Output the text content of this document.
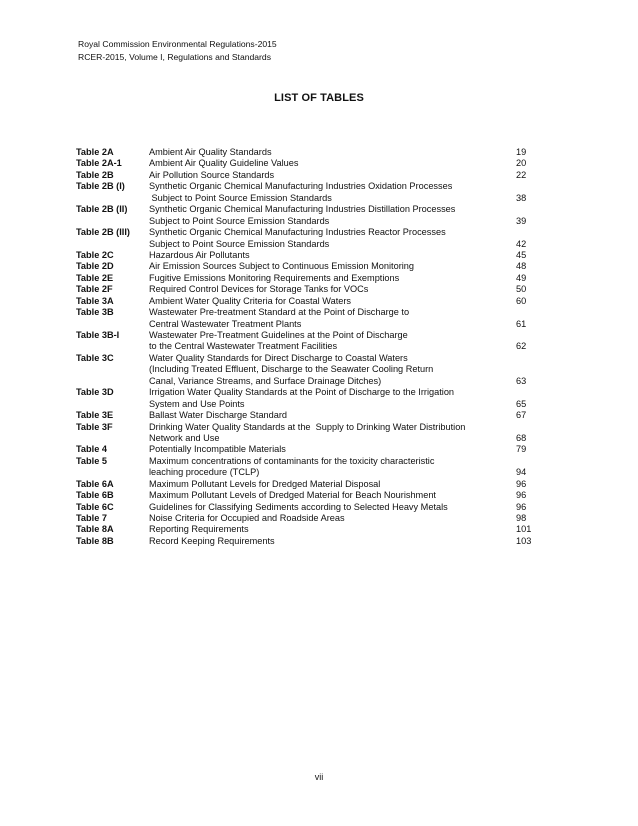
Royal Commission Environmental Regulations-2015
RCER-2015, Volume I, Regulations and Standards
LIST OF TABLES
Table 2A	Ambient Air Quality Standards	19
Table 2A-1	Ambient Air Quality Guideline Values	20
Table 2B	Air Pollution Source Standards	22
Table 2B (I)	Synthetic Organic Chemical Manufacturing Industries Oxidation Processes
Subject to Point Source Emission Standards	38
Table 2B (II) Synthetic Organic Chemical Manufacturing Industries Distillation Processes
Subject to Point Source Emission Standards	39
Table 2B (III) Synthetic Organic Chemical Manufacturing Industries Reactor Processes
Subject to Point Source Emission Standards	42
Table 2C	Hazardous Air Pollutants	45
Table 2D	Air Emission Sources Subject to Continuous Emission Monitoring	48
Table 2E	Fugitive Emissions Monitoring Requirements and Exemptions	49
Table 2F	Required Control Devices for Storage Tanks for VOCs	50
Table 3A	Ambient Water Quality Criteria for Coastal Waters	60
Table 3B	Wastewater Pre-treatment Standard at the Point of Discharge to
Central Wastewater Treatment Plants	61
Table 3B-I	Wastewater Pre-Treatment Guidelines at the Point of Discharge
to the Central Wastewater Treatment Facilities	62
Table 3C	Water Quality Standards for Direct Discharge to Coastal Waters
(Including Treated Effluent, Discharge to the Seawater Cooling Return
Canal, Variance Streams, and Surface Drainage Ditches)	63
Table 3D	Irrigation Water Quality Standards at the Point of Discharge to the Irrigation
System and Use Points	65
Table 3E	Ballast Water Discharge Standard	67
Table 3F	Drinking Water Quality Standards at the  Supply to Drinking Water Distribution
Network and Use	68
Table 4	Potentially Incompatible Materials	79
Table 5	Maximum concentrations of contaminants for the toxicity characteristic
leaching procedure (TCLP)	94
Table 6A	Maximum Pollutant Levels for Dredged Material Disposal	96
Table 6B	Maximum Pollutant Levels of Dredged Material for Beach Nourishment	96
Table 6C	Guidelines for Classifying Sediments according to Selected Heavy Metals	96
Table 7	Noise Criteria for Occupied and Roadside Areas	98
Table 8A	Reporting Requirements	101
Table 8B	Record Keeping Requirements	103
vii
